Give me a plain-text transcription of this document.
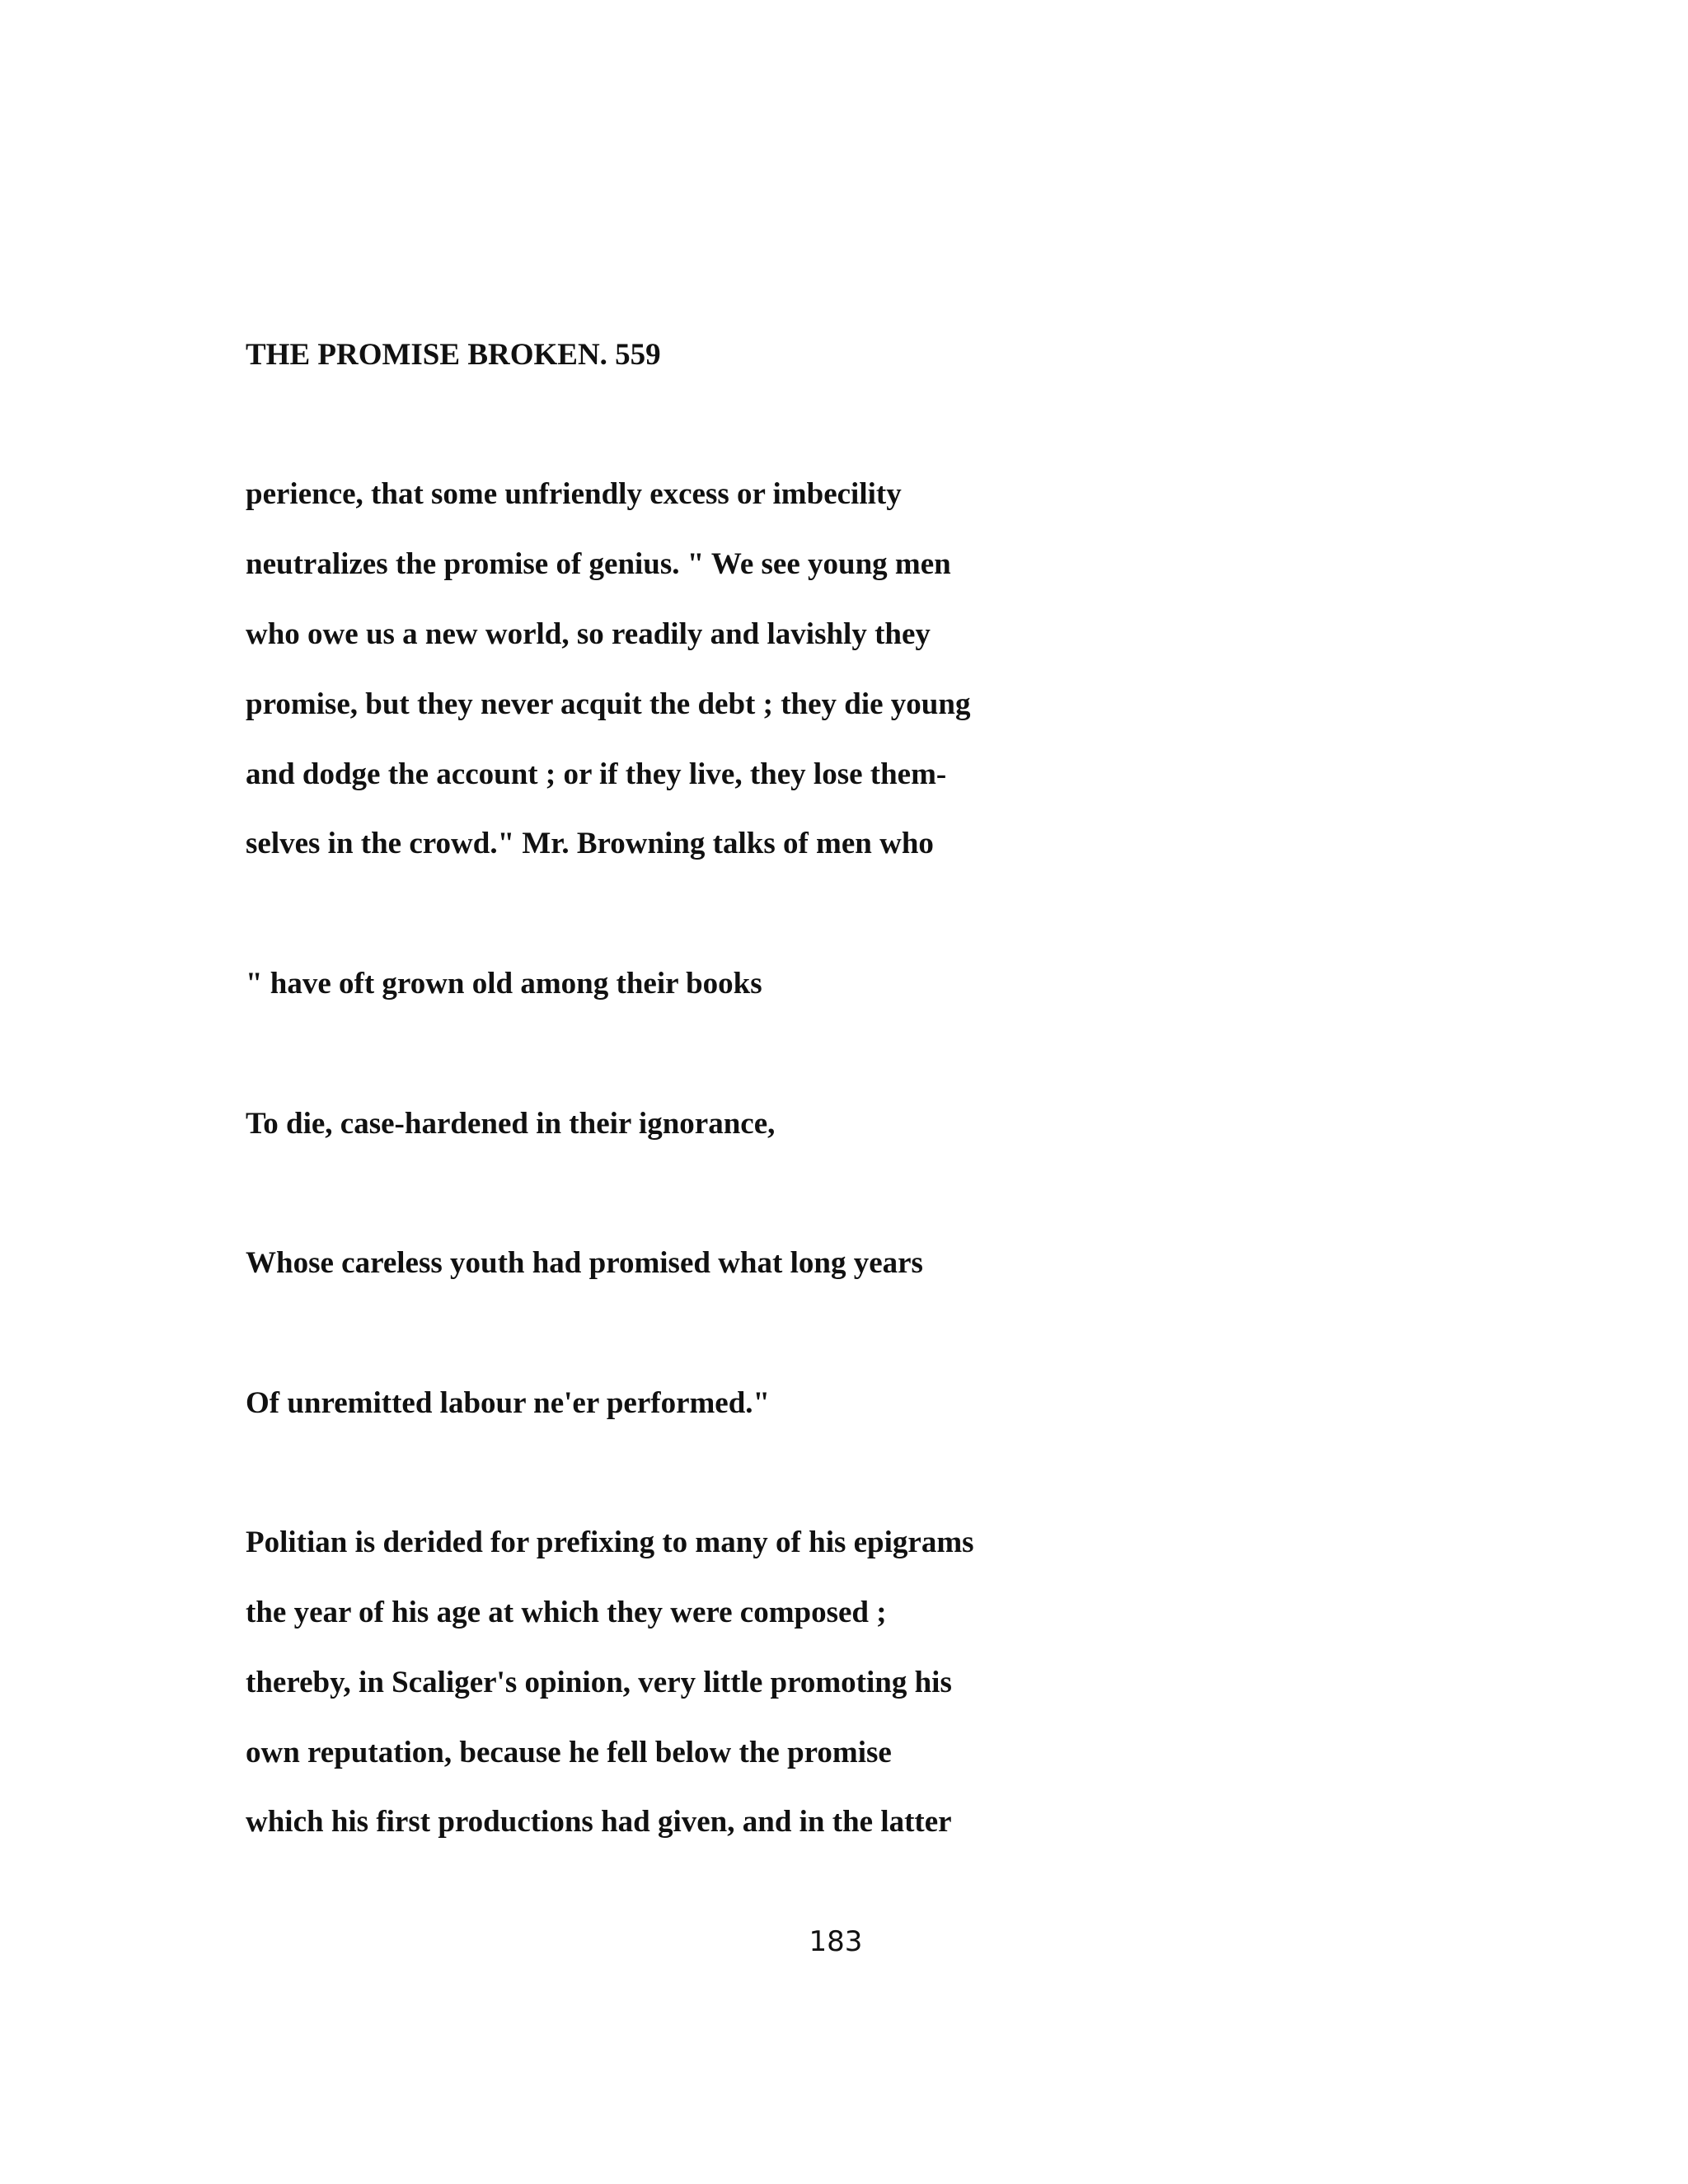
THE PROMISE BROKEN. 559

perience, that some unfriendly excess or imbecility

neutralizes the promise of genius. " We see young men

who owe us a new world, so readily and lavishly they

promise, but they never acquit the debt ; they die young

and dodge the account ; or if they live, they lose them-

selves in the crowd." Mr. Browning talks of men who

" have oft grown old among their books

To die, case-hardened in their ignorance,

Whose careless youth had promised what long years

Of unremitted labour ne'er performed."

Politian is derided for prefixing to many of his epigrams

the year of his age at which they were composed ;

thereby, in Scaliger's opinion, very little promoting his

own reputation, because he fell below the promise

which his first productions had given, and in the latter

183
